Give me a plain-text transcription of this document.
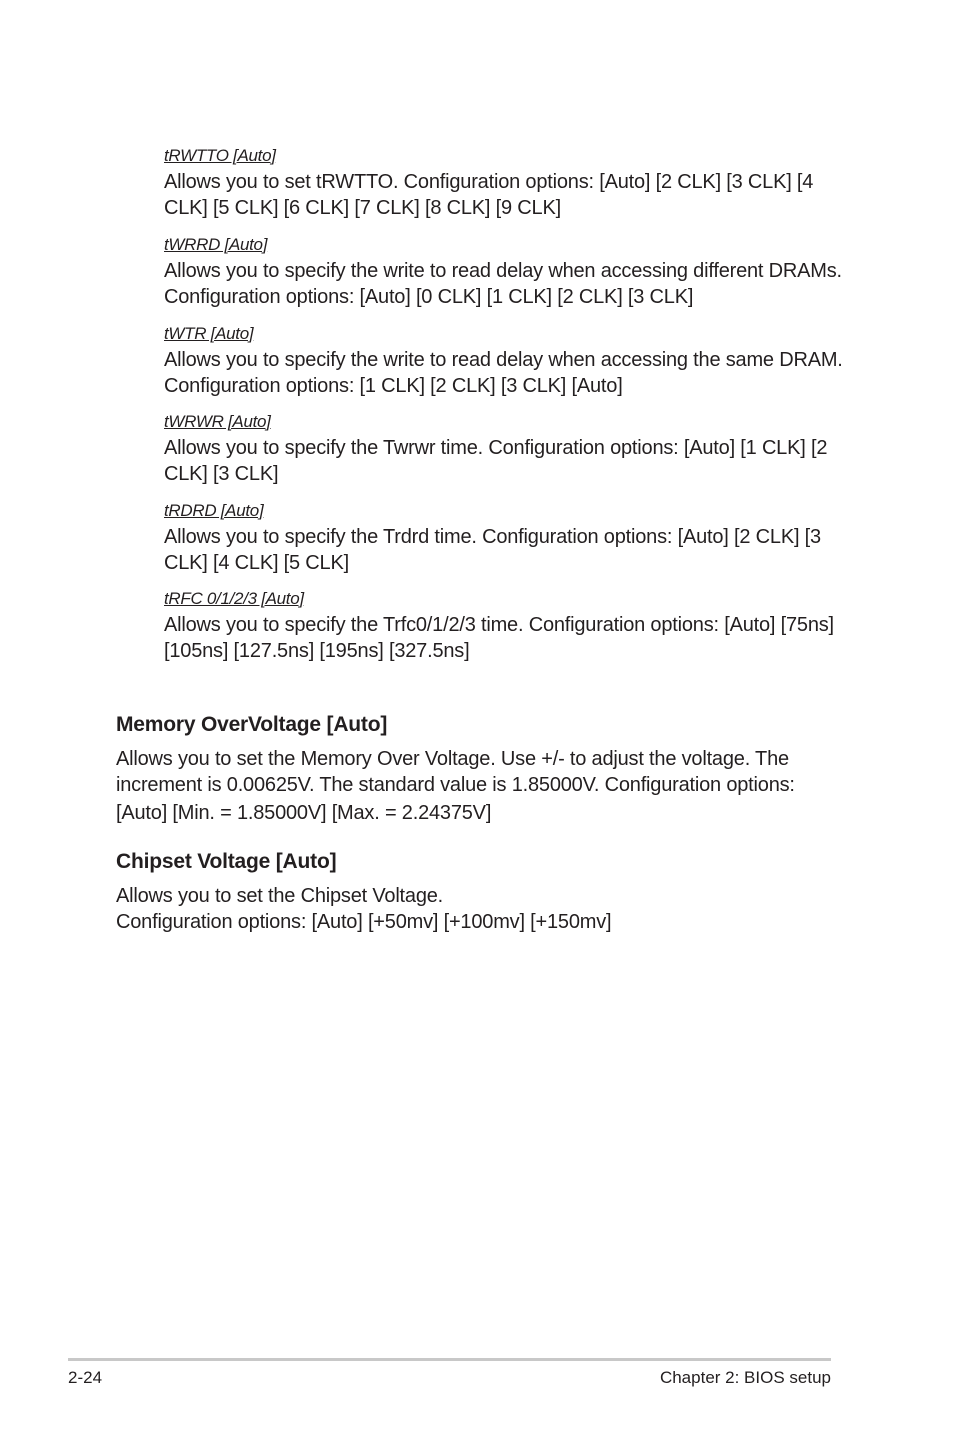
tRWTTO [Auto]

Allows you to set tRWTTO. Configuration options: [Auto] [2 CLK] [3 CLK] [4 CLK] [5 CLK] [6 CLK] [7 CLK] [8 CLK] [9 CLK]

tWRRD [Auto]

Allows you to specify the write to read delay when accessing different DRAMs. Configuration options: [Auto] [0 CLK] [1 CLK] [2 CLK] [3 CLK]

tWTR [Auto]

Allows you to specify the write to read delay when accessing the same DRAM. Configuration options: [1 CLK] [2 CLK] [3 CLK] [Auto]

tWRWR [Auto]

Allows you to specify the Twrwr time. Configuration options: [Auto] [1 CLK] [2 CLK] [3 CLK]

tRDRD [Auto]

Allows you to specify the Trdrd time. Configuration options: [Auto] [2 CLK] [3 CLK] [4 CLK] [5 CLK]

tRFC 0/1/2/3 [Auto]

Allows you to specify the Trfc0/1/2/3 time. Configuration options: [Auto] [75ns] [105ns] [127.5ns] [195ns] [327.5ns]

Memory OverVoltage [Auto]

Allows you to set the Memory Over Voltage. Use +/- to adjust the voltage. The increment is 0.00625V. The standard value is 1.85000V. Configuration options:
[Auto] [Min. = 1.85000V] [Max. = 2.24375V]

Chipset Voltage [Auto]

Allows you to set the Chipset Voltage.
Configuration options: [Auto] [+50mv] [+100mv] [+150mv]

2-24	Chapter 2: BIOS setup
